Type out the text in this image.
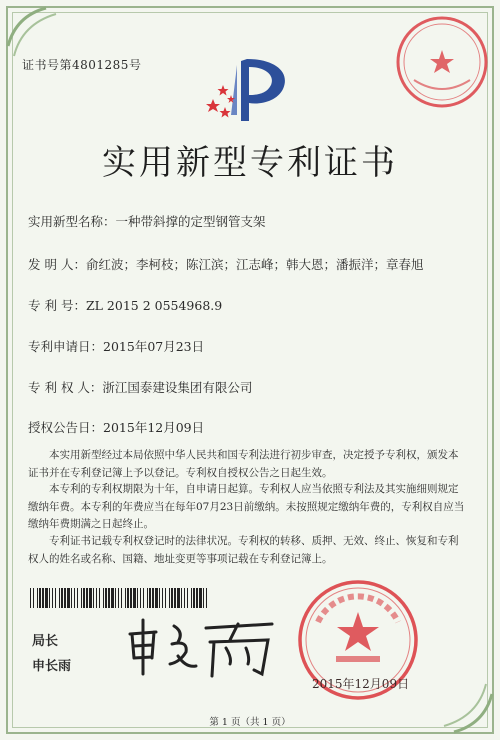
证书号第4801285号
实用新型专利证书
实用新型名称：一种带斜撑的定型钢管支架
发 明 人：俞红波；李柯枝；陈江滨；江志峰；韩大恩；潘振洋；章春旭
专 利 号：ZL 2015 2 0554968.9
专利申请日：2015年07月23日
专 利 权 人：浙江国泰建设集团有限公司
授权公告日：2015年12月09日

本实用新型经过本局依照中华人民共和国专利法进行初步审查，决定授予专利权，颁发本证书并在专利登记簿上予以登记。专利权自授权公告之日起生效。

本专利的专利权期限为十年，自申请日起算。专利权人应当依照专利法及其实施细则规定缴纳年费。本专利的年费应当在每年07月23日前缴纳。未按照规定缴纳年费的，专利权自应当缴纳年费期满之日起终止。

专利证书记载专利权登记时的法律状况。专利权的转移、质押、无效、终止、恢复和专利权人的姓名或名称、国籍、地址变更等事项记载在专利登记簿上。

局长
申长雨
2015年12月09日
第 1 页（共 1 页）
